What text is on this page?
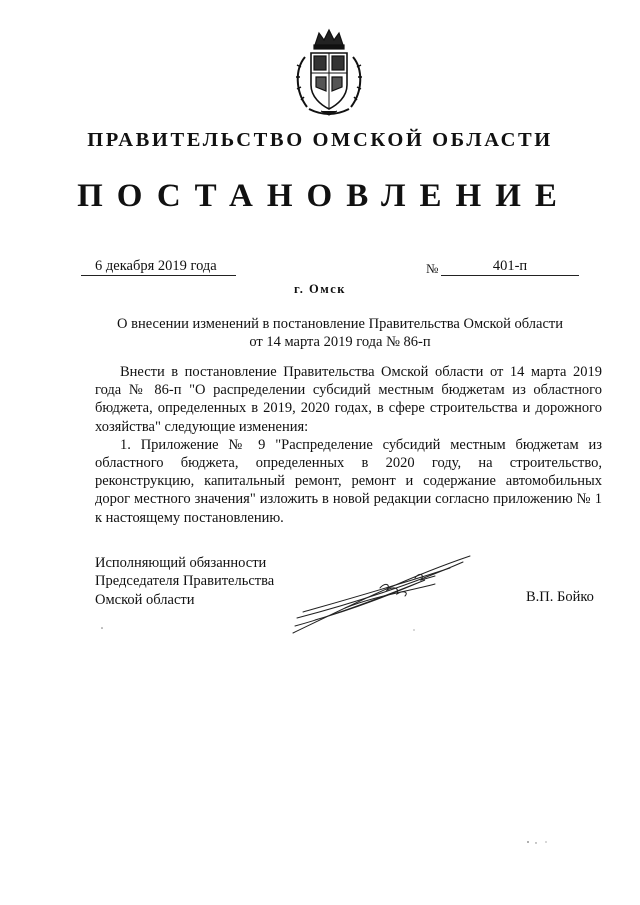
ПРАВИТЕЛЬСТВО ОМСКОЙ ОБЛАСТИ
ПОСТАНОВЛЕНИЕ
6 декабря 2019 года	№	401-п
г. Омск
О внесении изменений в постановление Правительства Омской области
от 14 марта 2019 года № 86-п

Внести в постановление Правительства Омской области от 14 марта 2019 года № 86-п "О распределении субсидий местным бюджетам из областного бюджета, определенных в 2019, 2020 годах, в сфере строительства и дорожного хозяйства" следующие изменения:

1. Приложение № 9 "Распределение субсидий местным бюджетам из областного бюджета, определенных в 2020 году, на строительство, реконструкцию, капитальный ремонт, ремонт и содержание автомобильных дорог местного значения" изложить в новой редакции согласно приложению № 1 к настоящему постановлению.

Исполняющий обязанности
Председателя Правительства
Омской области	В.П. Бойко
